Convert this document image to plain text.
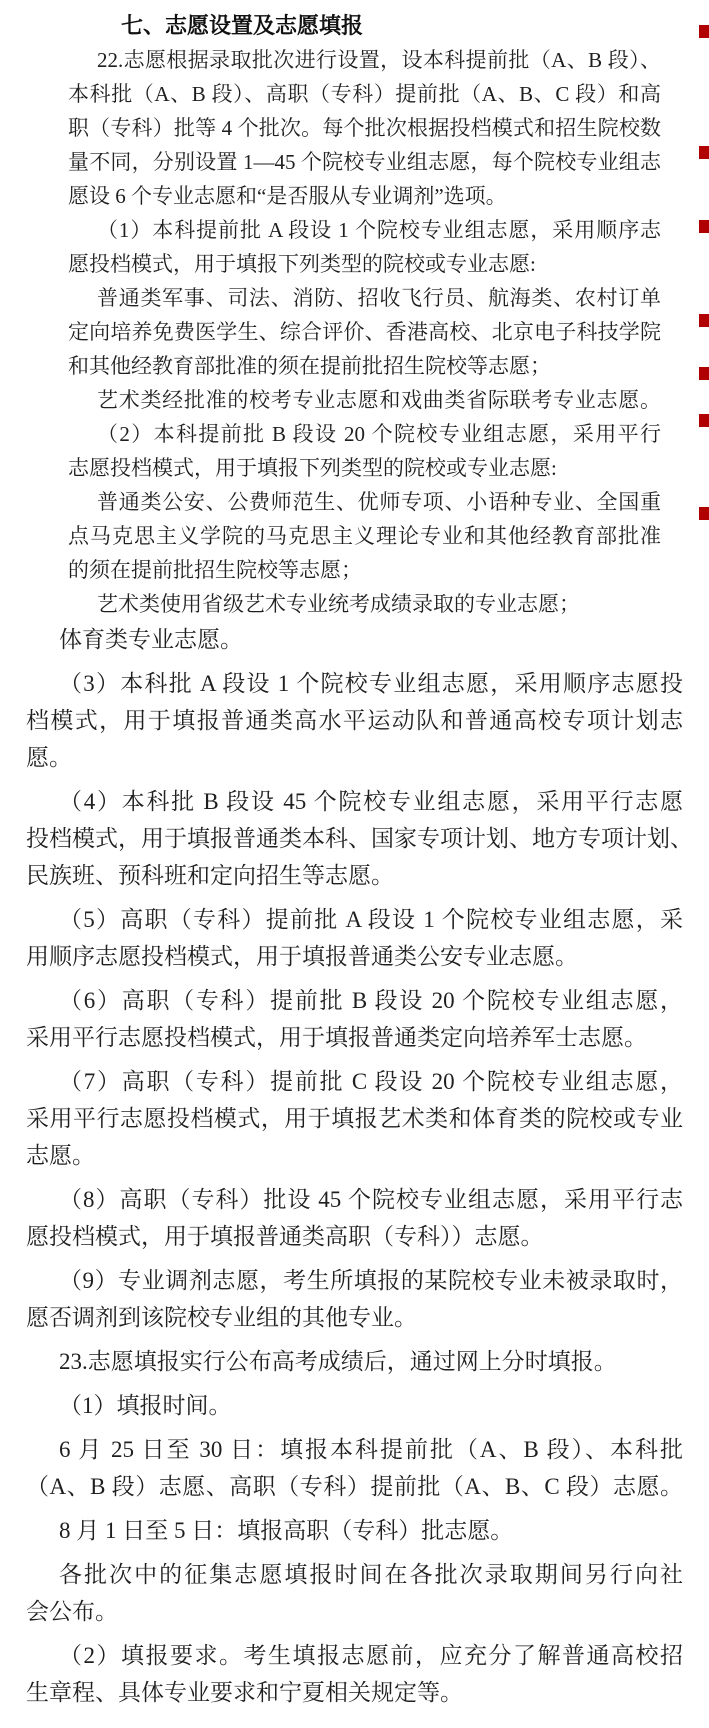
七、志愿设置及志愿填报
22.志愿根据录取批次进行设置，设本科提前批（A、B 段）、
本科批（A、B 段）、高职（专科）提前批（A、B、C 段）和高
职（专科）批等 4 个批次。每个批次根据投档模式和招生院校数
量不同，分别设置 1—45 个院校专业组志愿，每个院校专业组志
愿设 6 个专业志愿和“是否服从专业调剂”选项。
（1）本科提前批 A 段设 1 个院校专业组志愿，采用顺序志
愿投档模式，用于填报下列类型的院校或专业志愿:
普通类军事、司法、消防、招收飞行员、航海类、农村订单
定向培养免费医学生、综合评价、香港高校、北京电子科技学院
和其他经教育部批准的须在提前批招生院校等志愿；
艺术类经批准的校考专业志愿和戏曲类省际联考专业志愿。
（2）本科提前批 B 段设 20 个院校专业组志愿，采用平行
志愿投档模式，用于填报下列类型的院校或专业志愿:
普通类公安、公费师范生、优师专项、小语种专业、全国重
点马克思主义学院的马克思主义理论专业和其他经教育部批准
的须在提前批招生院校等志愿；
艺术类使用省级艺术专业统考成绩录取的专业志愿；
体育类专业志愿。
（3）本科批 A 段设 1 个院校专业组志愿，采用顺序志愿投
档模式，用于填报普通类高水平运动队和普通高校专项计划志
愿。
（4）本科批 B 段设 45 个院校专业组志愿，采用平行志愿
投档模式，用于填报普通类本科、国家专项计划、地方专项计划、
民族班、预科班和定向招生等志愿。
（5）高职（专科）提前批 A 段设 1 个院校专业组志愿，采
用顺序志愿投档模式，用于填报普通类公安专业志愿。
（6）高职（专科）提前批 B 段设 20 个院校专业组志愿，
采用平行志愿投档模式，用于填报普通类定向培养军士志愿。
（7）高职（专科）提前批 C 段设 20 个院校专业组志愿，
采用平行志愿投档模式，用于填报艺术类和体育类的院校或专业
志愿。
（8）高职（专科）批设 45 个院校专业组志愿，采用平行志
愿投档模式，用于填报普通类高职（专科））志愿。
（9）专业调剂志愿，考生所填报的某院校专业未被录取时，
愿否调剂到该院校专业组的其他专业。
23.志愿填报实行公布高考成绩后，通过网上分时填报。
（1）填报时间。
6 月 25 日至 30 日：填报本科提前批（A、B 段）、本科批
（A、B 段）志愿、高职（专科）提前批（A、B、C 段）志愿。
8 月 1 日至 5 日：填报高职（专科）批志愿。
各批次中的征集志愿填报时间在各批次录取期间另行向社
会公布。
（2）填报要求。考生填报志愿前，应充分了解普通高校招
生章程、具体专业要求和宁夏相关规定等。
